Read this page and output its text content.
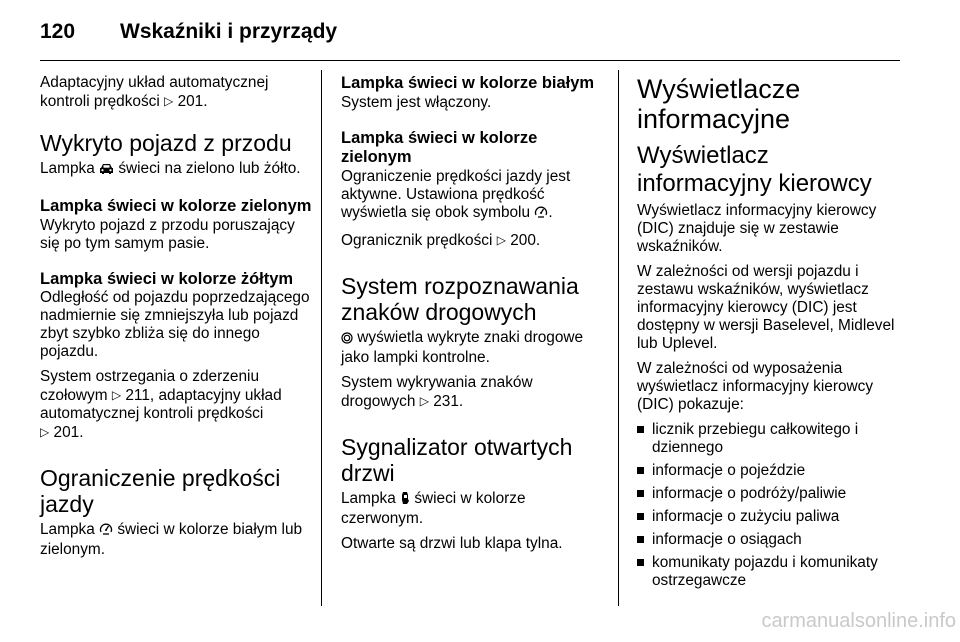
120 Wskaźniki i przyrządy

Adaptacyjny układ automatycznej
kontroli prędkości ▷ 201.

Wykryto pojazd z przodu

Lampka świeci na zielono lub żółto.

Lampka świeci w kolorze zielonym

Wykryto pojazd z przodu poruszający się po tym samym pasie.

Lampka świeci w kolorze żółtym

Odległość od pojazdu poprzedzającego nadmiernie się zmniejszyła lub pojazd zbyt szybko zbliża się do innego pojazdu.

System ostrzegania o zderzeniu czołowym ▷ 211, adaptacyjny układ automatycznej kontroli prędkości
▷ 201.

Ograniczenie prędkości jazdy

Lampka świeci w kolorze białym lub zielonym.

Lampka świeci w kolorze białym

System jest włączony.

Lampka świeci w kolorze zielonym

Ograniczenie prędkości jazdy jest aktywne. Ustawiona prędkość wyświetla się obok symbolu .

Ogranicznik prędkości ▷ 200.

System rozpoznawania znaków drogowych

wyświetla wykryte znaki drogowe jako lampki kontrolne.

System wykrywania znaków drogowych ▷ 231.

Sygnalizator otwartych drzwi

Lampka świeci w kolorze czerwonym.

Otwarte są drzwi lub klapa tylna.

Wyświetlacze informacyjne
Wyświetlacz informacyjny kierowcy

Wyświetlacz informacyjny kierowcy (DIC) znajduje się w zestawie wskaźników.

W zależności od wersji pojazdu i zestawu wskaźników, wyświetlacz informacyjny kierowcy (DIC) jest dostępny w wersji Baselevel, Midlevel lub Uplevel.

W zależności od wyposażenia wyświetlacz informacyjny kierowcy (DIC) pokazuje:

licznik przebiegu całkowitego i dziennego
informacje o pojeździe
informacje o podróży/paliwie
informacje o zużyciu paliwa
informacje o osiągach
komunikaty pojazdu i komunikaty ostrzegawcze
carmanualsonline.info
